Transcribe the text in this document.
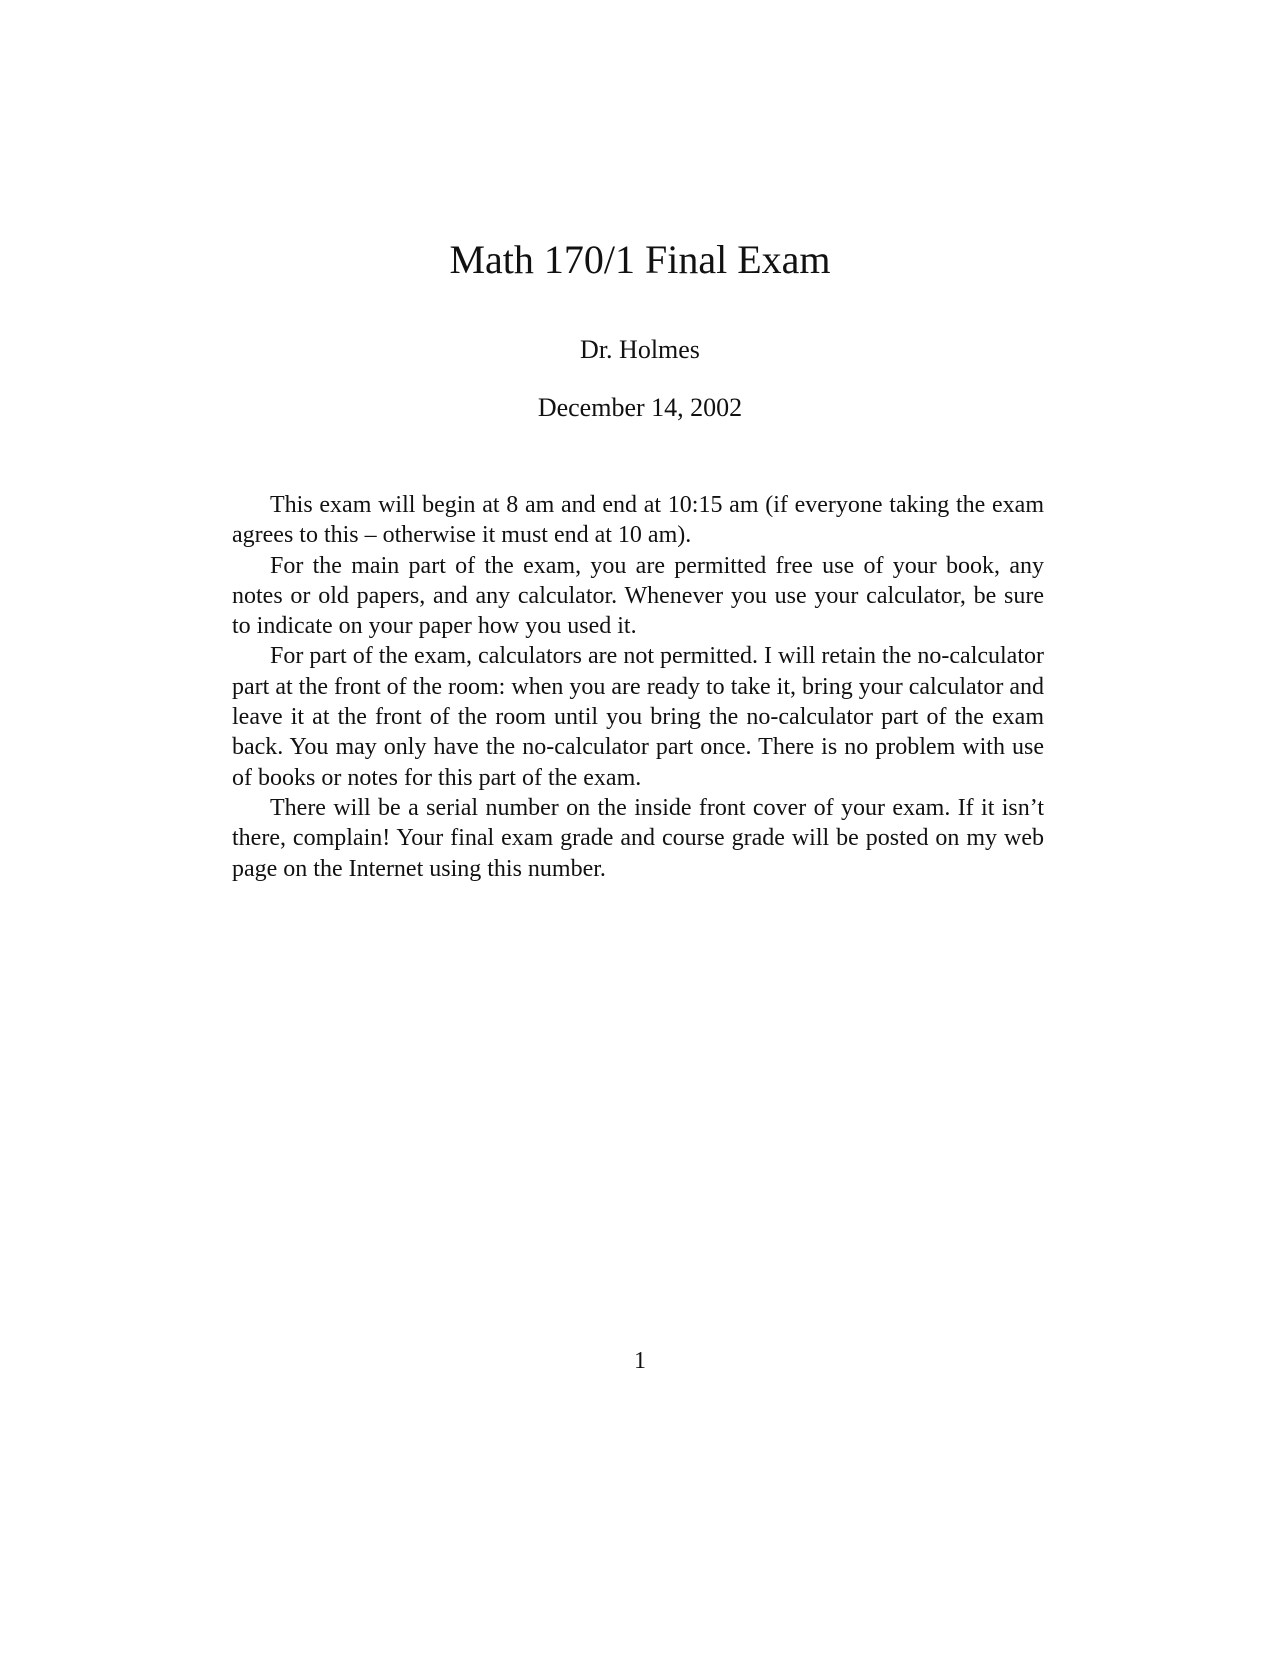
Math 170/1 Final Exam
Dr. Holmes
December 14, 2002

This exam will begin at 8 am and end at 10:15 am (if everyone taking the exam agrees to this – otherwise it must end at 10 am).

For the main part of the exam, you are permitted free use of your book, any notes or old papers, and any calculator. Whenever you use your calculator, be sure to indicate on your paper how you used it.

For part of the exam, calculators are not permitted. I will retain the no-calculator part at the front of the room: when you are ready to take it, bring your calculator and leave it at the front of the room until you bring the no-calculator part of the exam back. You may only have the no-calculator part once. There is no problem with use of books or notes for this part of the exam.

There will be a serial number on the inside front cover of your exam. If it isn’t there, complain! Your final exam grade and course grade will be posted on my web page on the Internet using this number.

1
